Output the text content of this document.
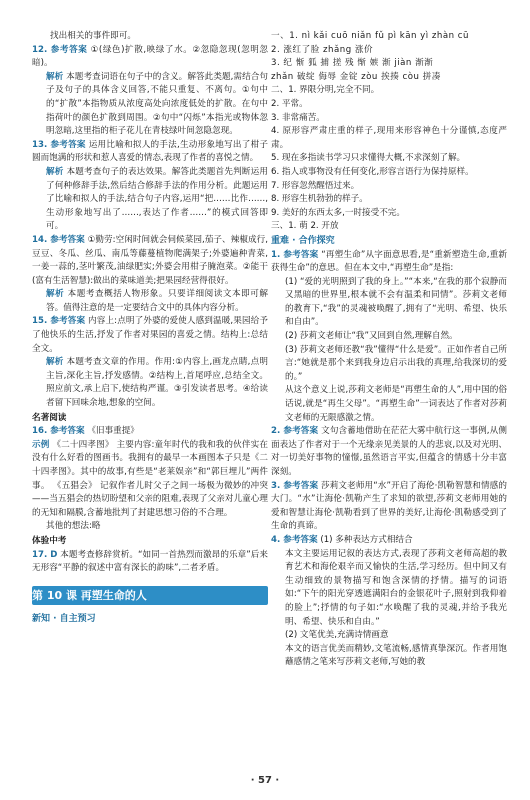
找出相关的事件即可。

12. 参考答案 ①(绿色)扩散,映绿了水。②忽隐忽现(忽明忽暗)。

解析 本题考查词语在句子中的含义。解答此类题,需结合句子及句子的具体含义回答,不能只重复、不离句。①句中的“扩散”本指物质从浓度高处向浓度低处的扩散。在句中指荷叶的颜色扩散到周围。②句中“闪烁”本指光或物体忽明忽暗,这里指的柜子花儿在青枝绿叶间忽隐忽现。

13. 参考答案 运用比喻和拟人的手法,生动形象地写出了柑子圆而饱满的形状和惹人喜爱的情态,表现了作者的喜悦之情。

解析 本题考查句子的表达效果。解答此类题首先判断运用了何种修辞手法,然后结合修辞手法的作用分析。此题运用了比喻和拟人的手法,结合句子内容,运用“把……比作……,生动形象地写出了……,表达了作者……”的模式回答即可。

14. 参考答案 ①勤劳:空闲时间就会伺候菜园,茄子、辣椒成行,豆豆、冬瓜、丝瓜、南瓜等藤蔓植物爬满架子;外婆遍种青菜,一姜一蒜的,茎叶繁茂,油绿肥实;外婆会用柑子腌泡菜。②能干(富有生活智慧):做出的菜味道美;把果园经营得很好。

解析 本题考查概括人物形象。只要详细阅读文本即可解答。值得注意的是一定要结合文中的具体内容分析。

15. 参考答案 内容上:点明了外婆的爱使人感到温暖,果园给予了他快乐的生活,抒发了作者对果园的喜爱之情。结构上:总结全文。

解析 本题考查文章的作用。作用:①内容上,画龙点睛,点明主旨,深化主旨,抒发感情。②结构上,首尾呼应,总结全文。照应前文,承上启下,使结构严谨。③引发读者思考。④给读者留下回味余地,想象的空间。

名著阅读

16. 参考答案 《旧事重提》

示例 《二十四孝图》 主要内容:童年时代的我和我的伙伴实在没有什么好看的图画书。我拥有的最早一本画图本子只是《二十四孝图》。其中的故事,有些是“老莱娱亲”和“郭巨埋儿”两件事。 《五猖会》 记叙作者儿时父子之间一场极为微妙的冲突——当五猖会的热切盼望和父亲的阻难,表现了父亲对儿童心理的无知和隔膜,含蓄地批判了封建思想习俗的不合理。

其他的想法:略

体验中考

17. D 本题考查修辞赏析。“如同一首热烈而激昂的乐章”后来无形容“平静的叙述中富有深长的韵味”,二者矛盾。

第 10 课 再塑生命的人

新知 · 自主预习

一、1. nì kǎi cuō niǎn fǔ pì kān yì zhàn cū

2. 涨红了脸 zhǎng 涨价

3. 纪 惭 狐 捕 搓 残 惭 嫉 渐 jiàn 渐渐

zhǎn 破绽 侮辱 金锭 zòu 挨揍 còu 拼凑

二、1. 界限分明,完全不同。

2. 平常。

3. 非常痛苦。

4. 原形容严肃庄重的样子,现用来形容神色十分谨慎,态度严肃。

5. 现在多指读书学习只求懂得大概,不求深刻了解。

6. 指人或事物没有任何变化,形容言语行为保持原样。

7. 形容忽然醒悟过来。

8. 形容生机勃勃的样子。

9. 美好的东西太多,一时接受不完。

三、1. 萌 2. 开放

重难 · 合作探究

1. 参考答案 “再塑生命”从字面意思看,是“重新塑造生命,重新获得生命”的意思。但在本文中,“再塑生命”是指:

(1) “爱的光明照到了我的身上。”“本来,“在我的那个寂静而又黑暗的世界里,根本就不会有温柔和同情”。莎莉文老师的教育下,“我”的灵魂被唤醒了,拥有了“光明、希望、快乐和自由”。

(2) 莎莉文老师让“我”又回到自然,理解自然。

(3) 莎莉文老师还教“我”懂得“什么是爱”。正如作者自己所言:“她就是那个来到我身边启示出我的真理,给我深切的爱的。”

从这个意义上说,莎莉文老师是“再塑生命的人”,用中国的俗话说,就是“再生父母”。“再塑生命”一词表达了作者对莎莉文老师的无限感激之情。

2. 参考答案 文句含蓄地借助在茫茫大雾中航行这一事例,从侧面表达了作者对于一个无缘亲见美景的人的悲哀,以及对光明、对一切美好事物的憧憬,虽然语言平实,但蕴含的情感十分丰富深刻。

3. 参考答案 莎莉文老师用“水”开启了海伦·凯勒智慧和情感的大门。“水”让海伦·凯勒产生了求知的欲望,莎莉文老师用她的爱和智慧让海伦·凯勒看到了世界的美好,让海伦·凯勒感受到了生命的真谛。

4. 参考答案 (1) 多种表达方式相结合

本文主要运用记叙的表达方式,表现了莎莉文老师高超的教育艺术和海伦艰辛而又愉快的生活,学习经历。但中间又有生动细致的景物描写和饱含深情的抒情。描写的词语如:“下午的阳光穿透遮满阳台的金银花叶子,照射到我仰着的脸上”;抒情的句子如:“水唤醒了我的灵魂,并给予我光明、希望、快乐和自由。”

(2) 文笔优美,充满诗情画意

本文的语言优美而精妙,文笔流畅,感情真挚深沉。作者用饱蘸感情之笔来写莎莉文老师,写她的教

· 57 ·
